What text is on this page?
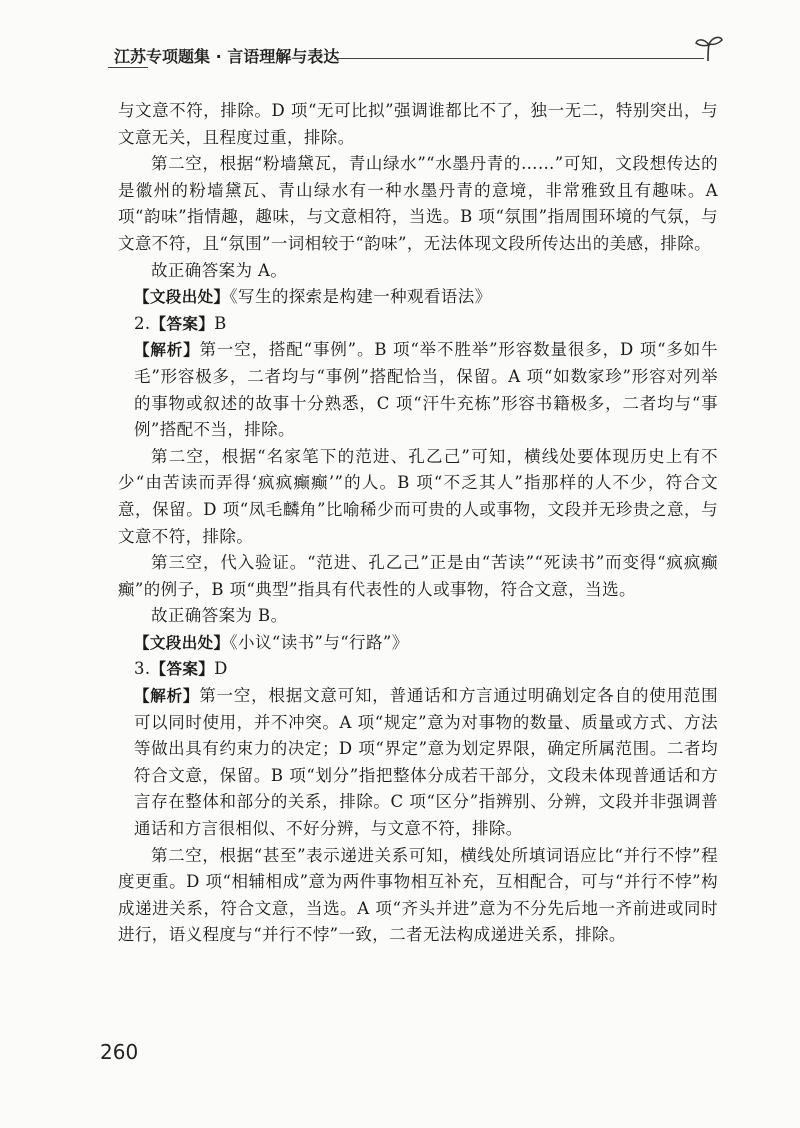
江苏专项题集 · 言语理解与表达

与文意不符，排除。D 项“无可比拟”强调谁都比不了，独一无二，特别突出，与文意无关，且程度过重，排除。

第二空，根据“粉墙黛瓦，青山绿水”“水墨丹青的……”可知，文段想传达的是徽州的粉墙黛瓦、青山绿水有一种水墨丹青的意境，非常雅致且有趣味。A 项“韵味”指情趣，趣味，与文意相符，当选。B 项“氛围”指周围环境的气氛，与文意不符，且“氛围”一词相较于“韵味”，无法体现文段所传达出的美感，排除。

故正确答案为 A。

【文段出处】《写生的探索是构建一种观看语法》

2.【答案】B

【解析】第一空，搭配“事例”。B 项“举不胜举”形容数量很多，D 项“多如牛毛”形容极多，二者均与“事例”搭配恰当，保留。A 项“如数家珍”形容对列举的事物或叙述的故事十分熟悉，C 项“汗牛充栋”形容书籍极多，二者均与“事例”搭配不当，排除。

第二空，根据“名家笔下的范进、孔乙己”可知，横线处要体现历史上有不少“由苦读而弄得‘疯疯癫癫’”的人。B 项“不乏其人”指那样的人不少，符合文意，保留。D 项“凤毛麟角”比喻稀少而可贵的人或事物，文段并无珍贵之意，与文意不符，排除。

第三空，代入验证。“范进、孔乙己”正是由“苦读”“死读书”而变得“疯疯癫癫”的例子，B 项“典型”指具有代表性的人或事物，符合文意，当选。

故正确答案为 B。

【文段出处】《小议“读书”与“行路”》

3.【答案】D

【解析】第一空，根据文意可知，普通话和方言通过明确划定各自的使用范围可以同时使用，并不冲突。A 项“规定”意为对事物的数量、质量或方式、方法等做出具有约束力的决定；D 项“界定”意为划定界限，确定所属范围。二者均符合文意，保留。B 项“划分”指把整体分成若干部分，文段未体现普通话和方言存在整体和部分的关系，排除。C 项“区分”指辨别、分辨，文段并非强调普通话和方言很相似、不好分辨，与文意不符，排除。

第二空，根据“甚至”表示递进关系可知，横线处所填词语应比“并行不悖”程度更重。D 项“相辅相成”意为两件事物相互补充，互相配合，可与“并行不悖”构成递进关系，符合文意，当选。A 项“齐头并进”意为不分先后地一齐前进或同时进行，语义程度与“并行不悖”一致，二者无法构成递进关系，排除。

260
